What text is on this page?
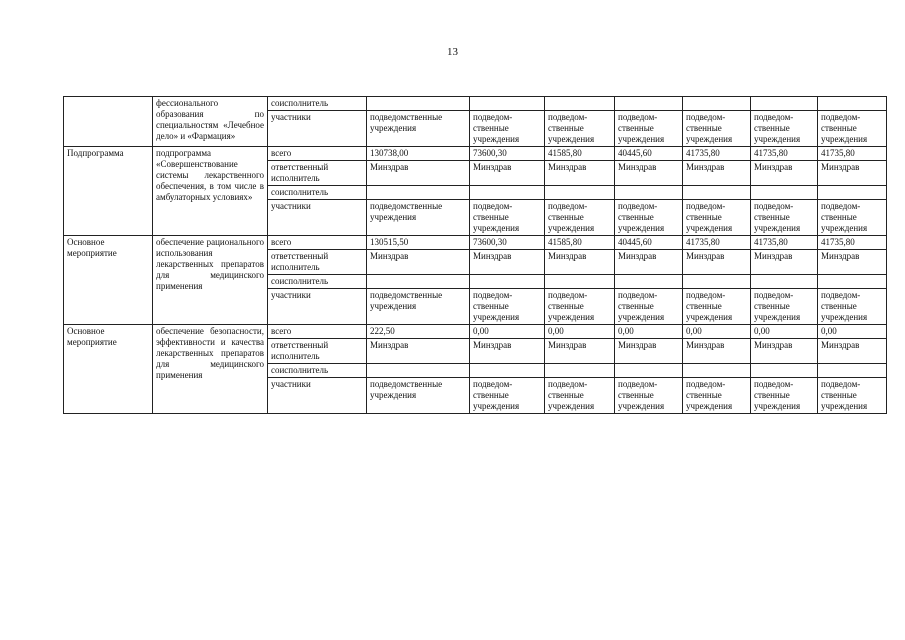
13
	фессионального образования по специальностям «Лечебное дело» и «Фармация»	соисполнитель							
		участники	подведомственные учреждения	подведом-ственные учреждения	подведом-ственные учреждения	подведом-ственные учреждения	подведом-ственные учреждения	подведом-ственные учреждения	подведом-ственные учреждения
Подпрограмма	подпрограмма «Совершенствование системы лекарственного обеспечения, в том числе в амбулаторных условиях»	всего	130738,00	73600,30	41585,80	40445,60	41735,80	41735,80	41735,80
		ответственный исполнитель	Минздрав	Минздрав	Минздрав	Минздрав	Минздрав	Минздрав	Минздрав
		соисполнитель							
		участники	подведомственные учреждения	подведом-ственные учреждения	подведом-ственные учреждения	подведом-ственные учреждения	подведом-ственные учреждения	подведом-ственные учреждения	подведом-ственные учреждения
Основное мероприятие	обеспечение рационального использования лекарственных препаратов для медицинского применения	всего	130515,50	73600,30	41585,80	40445,60	41735,80	41735,80	41735,80
		ответственный исполнитель	Минздрав	Минздрав	Минздрав	Минздрав	Минздрав	Минздрав	Минздрав
		соисполнитель							
		участники	подведомственные учреждения	подведом-ственные учреждения	подведом-ственные учреждения	подведом-ственные учреждения	подведом-ственные учреждения	подведом-ственные учреждения	подведом-ственные учреждения
Основное мероприятие	обеспечение безопасности, эффективности и качества лекарственных препаратов для медицинского применения	всего	222,50	0,00	0,00	0,00	0,00	0,00	0,00
		ответственный исполнитель	Минздрав	Минздрав	Минздрав	Минздрав	Минздрав	Минздрав	Минздрав
		соисполнитель							
		участники	подведомственные учреждения	подведом-ственные учреждения	подведом-ственные учреждения	подведом-ственные учреждения	подведом-ственные учреждения	подведом-ственные учреждения	подведом-ственные учреждения
